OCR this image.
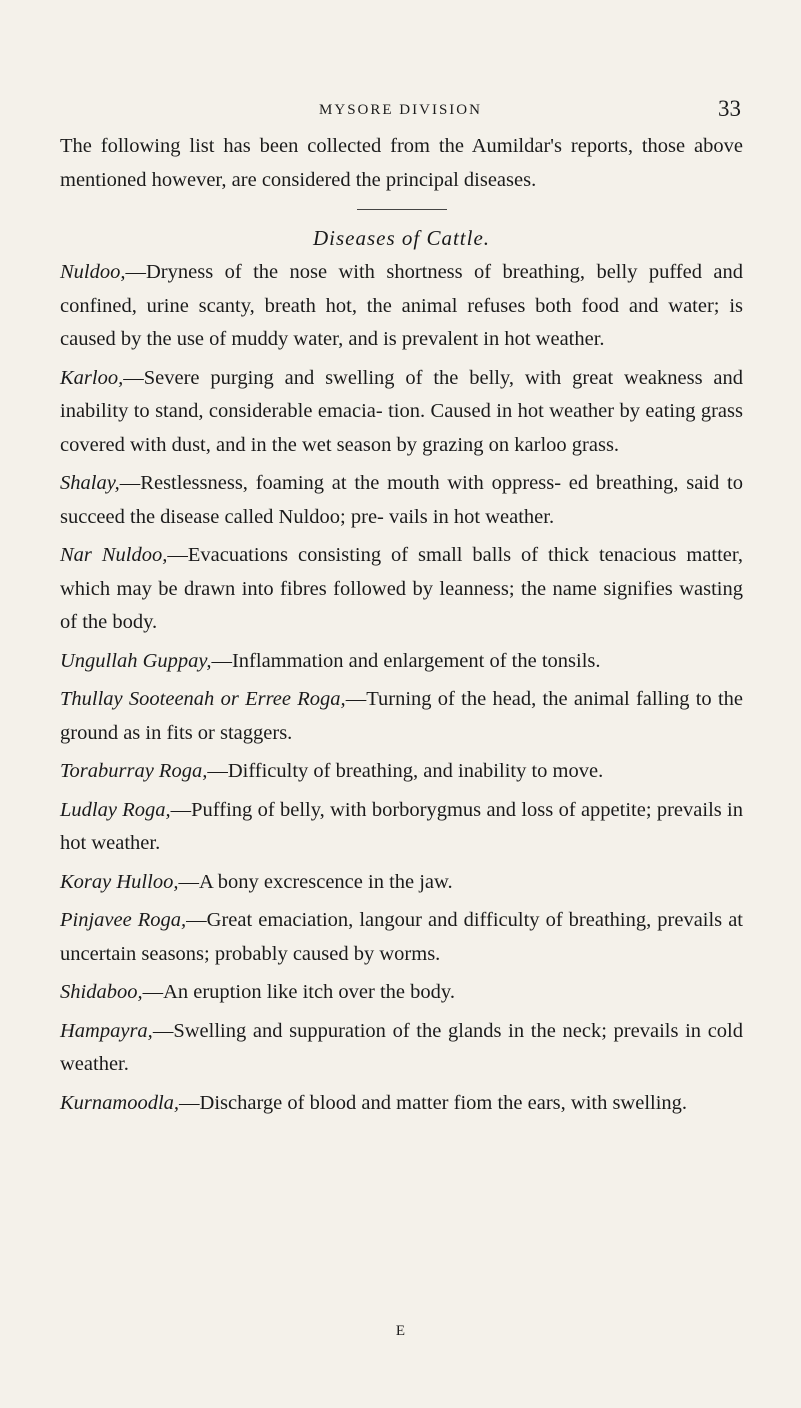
MYSORE DIVISION	33

The following list has been collected from the Aumildar's reports, those above mentioned however, are considered the principal diseases.

Diseases of Cattle.

Nuldoo,—Dryness of the nose with shortness of breathing, belly puffed and confined, urine scanty, breath hot, the animal refuses both food and water; is caused by the use of muddy water, and is prevalent in hot weather.

Karloo,—Severe purging and swelling of the belly, with great weakness and inability to stand, considerable emacia- tion. Caused in hot weather by eating grass covered with dust, and in the wet season by grazing on karloo grass.

Shalay,—Restlessness, foaming at the mouth with oppress- ed breathing, said to succeed the disease called Nuldoo; pre- vails in hot weather.

Nar Nuldoo,—Evacuations consisting of small balls of thick tenacious matter, which may be drawn into fibres followed by leanness; the name signifies wasting of the body.

Ungullah Guppay,—Inflammation and enlargement of the tonsils.

Thullay Sooteenah or Erree Roga,—Turning of the head, the animal falling to the ground as in fits or staggers.

Toraburray Roga,—Difficulty of breathing, and inability to move.

Ludlay Roga,—Puffing of belly, with borborygmus and loss of appetite; prevails in hot weather.

Koray Hulloo,—A bony excrescence in the jaw.

Pinjavee Roga,—Great emaciation, langour and difficulty of breathing, prevails at uncertain seasons; probably caused by worms.

Shidaboo,—An eruption like itch over the body.

Hampayra,—Swelling and suppuration of the glands in the neck; prevails in cold weather.

Kurnamoodla,—Discharge of blood and matter fiom the ears, with swelling.

E
